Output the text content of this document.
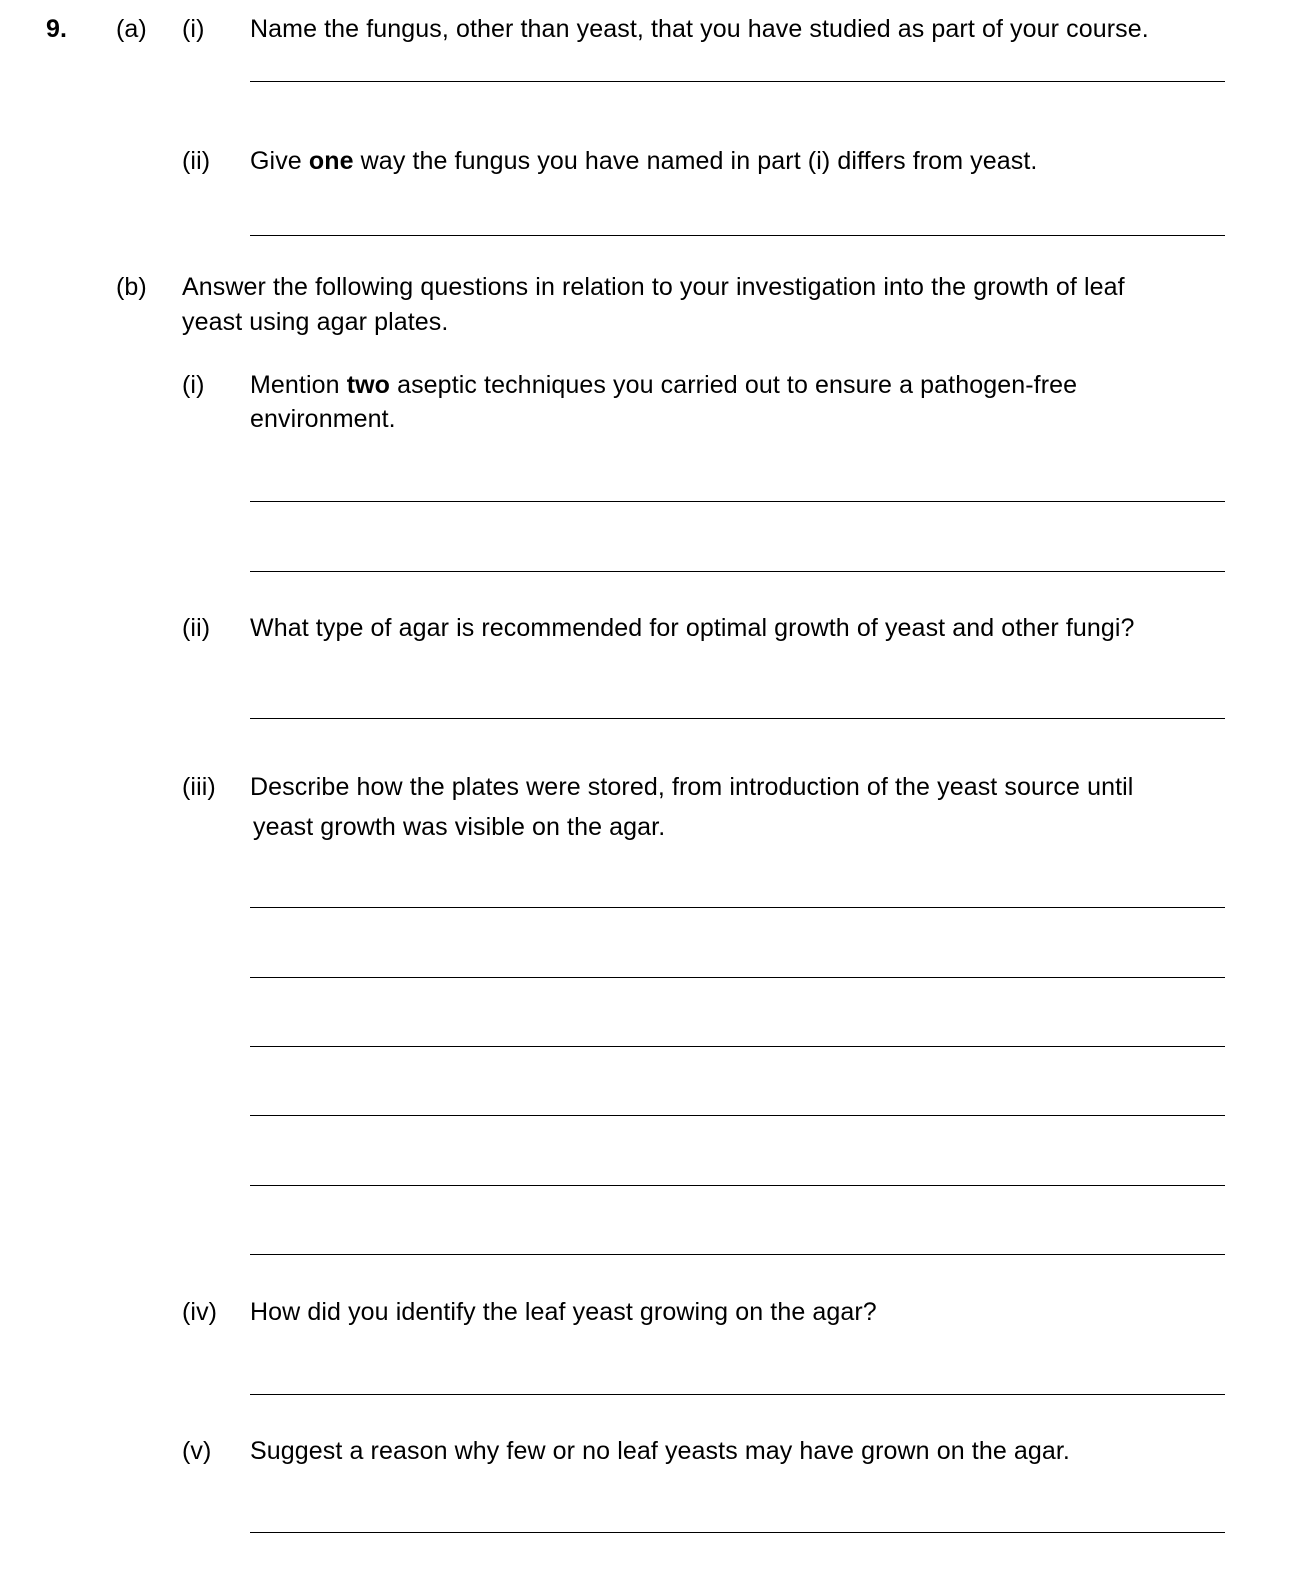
9. (a) (i) Name the fungus, other than yeast, that you have studied as part of your course.
(ii) Give one way the fungus you have named in part (i) differs from yeast.
(b) Answer the following questions in relation to your investigation into the growth of leaf
yeast using agar plates.
(i) Mention two aseptic techniques you carried out to ensure a pathogen-free
environment.
(ii) What type of agar is recommended for optimal growth of yeast and other fungi?
(iii) Describe how the plates were stored, from introduction of the yeast source until
yeast growth was visible on the agar.
(iv) How did you identify the leaf yeast growing on the agar?
(v) Suggest a reason why few or no leaf yeasts may have grown on the agar.
